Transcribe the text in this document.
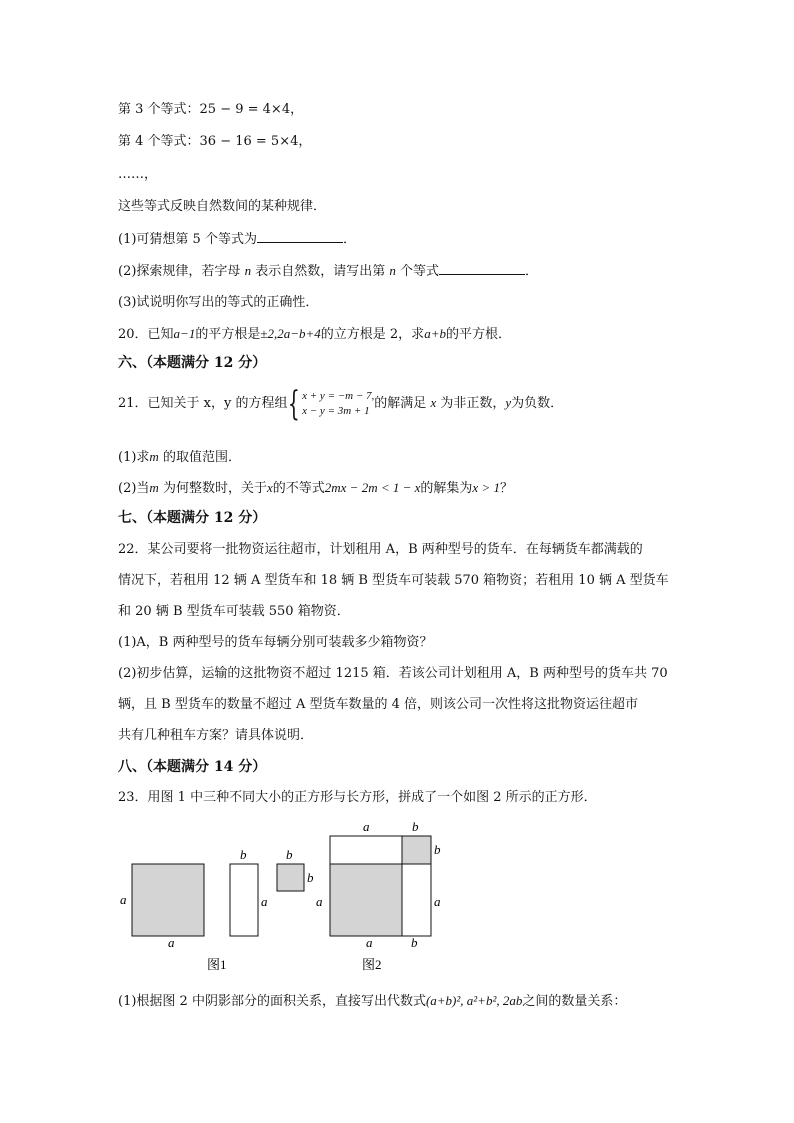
第 3 个等式：25 − 9 = 4×4，
第 4 个等式：36 − 16 = 5×4，
……，
这些等式反映自然数间的某种规律．
(1)可猜想第 5 个等式为	．
(2)探索规律，若字母 n 表示自然数，请写出第 n 个等式	．
(3)试说明你写出的等式的正确性．
20．已知a−1的平方根是±2,2a−b+4的立方根是 2，求a+b的平方根．
六、（本题满分 12 分）
21．已知关于 x，y 的方程组{ x + y = −m − 7,
x − y = 3m + 1 的解满足 x 为非正数，y为负数．
(1)求m 的取值范围．
(2)当m 为何整数时，关于x的不等式2mx − 2m < 1 − x的解集为x > 1？
七、（本题满分 12 分）
22．某公司要将一批物资运往超市，计划租用 A，B 两种型号的货车．在每辆货车都满载的
情况下，若租用 12 辆 A 型货车和 18 辆 B 型货车可装载 570 箱物资；若租用 10 辆 A 型货车
和 20 辆 B 型货车可装载 550 箱物资．
(1)A，B 两种型号的货车每辆分别可装载多少箱物资？
(2)初步估算，运输的这批物资不超过 1215 箱．若该公司计划租用 A，B 两种型号的货车共 70
辆，且 B 型货车的数量不超过 A 型货车数量的 4 倍，则该公司一次性将这批物资运往超市
共有几种租车方案？请具体说明．
八、（本题满分 14 分）
23．用图 1 中三种不同大小的正方形与长方形，拼成了一个如图 2 所示的正方形．
a
a
b
a
b
b
图1
a	b
b
a
a
a	b
图2
(1)根据图 2 中阴影部分的面积关系，直接写出代数式(a+b)², a²+b², 2ab之间的数量关系：
